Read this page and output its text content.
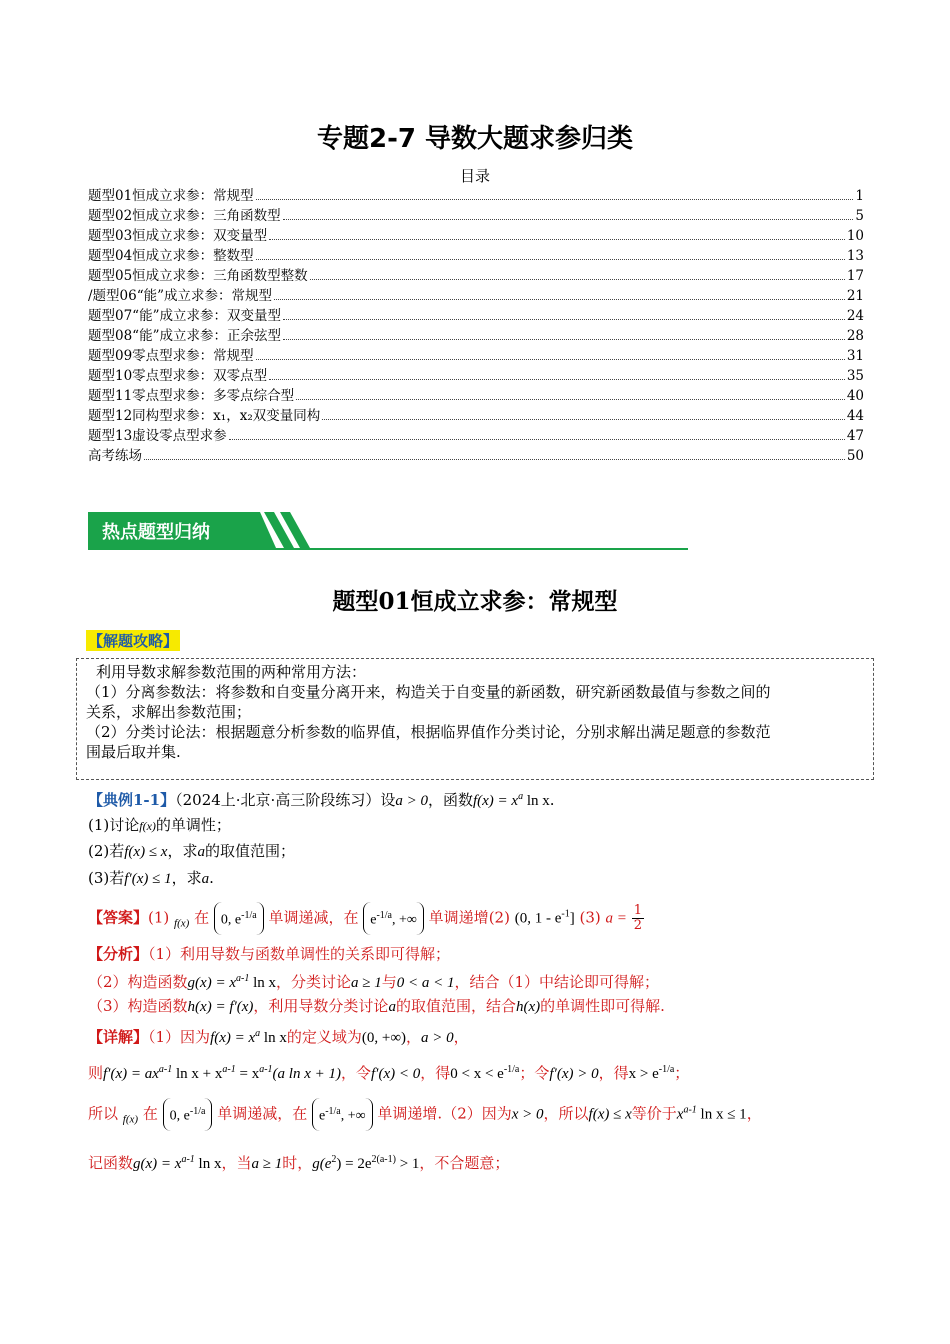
专题2-7 导数大题求参归类
目录
题型01恒成立求参：常规型	1
题型02恒成立求参：三角函数型	5
题型03恒成立求参：双变量型	10
题型04恒成立求参：整数型	13
题型05恒成立求参：三角函数型整数	17
/题型06“能”成立求参：常规型	21
题型07“能”成立求参：双变量型	24
题型08“能”成立求参：正余弦型	28
题型09零点型求参：常规型	31
题型10零点型求参：双零点型	35
题型11零点型求参：多零点综合型	40
题型12同构型求参：x₁，x₂双变量同构	44
题型13虚设零点型求参	47
高考练场	50
热点题型归纳
题型01恒成立求参：常规型
【解题攻略】
利用导数求解参数范围的两种常用方法：
（1）分离参数法：将参数和自变量分离开来，构造关于自变量的新函数，研究新函数最值与参数之间的
关系，求解出参数范围；
（2）分类讨论法：根据题意分析参数的临界值，根据临界值作分类讨论，分别求解出满足题意的参数范
围最后取并集.
【典例1-1】（2024上·北京·高三阶段练习）设a > 0，函数$f(x) = x^a$ ln x.
(1)讨论f(x)的单调性；
(2)若f(x) ≤ x，求a的取值范围；
(3)若f′(x) ≤ 1，求a.
【答案】(1) $_{f(x)}$ 在 0, $e^{-1/a}$ 单调递减，在 $e^{-1/a}$, +∞ 单调递增(2) (0, $1 - e^{-1}$] (3) $a = \frac{1}{2}$
【分析】（1）利用导数与函数单调性的关系即可得解；
（2）构造函数$g(x) = x^{a-1}$ ln x，分类讨论a ≥ 1与0 < a < 1，结合（1）中结论即可得解；
（3）构造函数h(x) = f′(x)，利用导数分类讨论a的取值范围，结合h(x)的单调性即可得解.
【详解】（1）因为$f(x) = x^a$ ln x的定义域为(0, +∞)，a > 0，
则$f'(x) = ax^{a-1}$ $\ln x + x^{a-1} = x^{a-1}(a$ ln x + 1)，令f′(x) < 0，得$0 < x < e^{-1/a}$；令f′(x) > 0，得$x > e^{-1/a}$；
所以 $_{f(x)}$ 在 0, $e^{-1/a}$ 单调递减，在 $e^{-1/a}$, +∞ 单调递增.（2）因为x > 0，所以f(x) ≤ x等价于$x^{a-1}$ ln x ≤ 1，
记函数$g(x) = x^{a-1}$ ln x，当a ≥ 1时，$g(e^2) = 2e^{2(a-1)} > 1$，不合题意；
